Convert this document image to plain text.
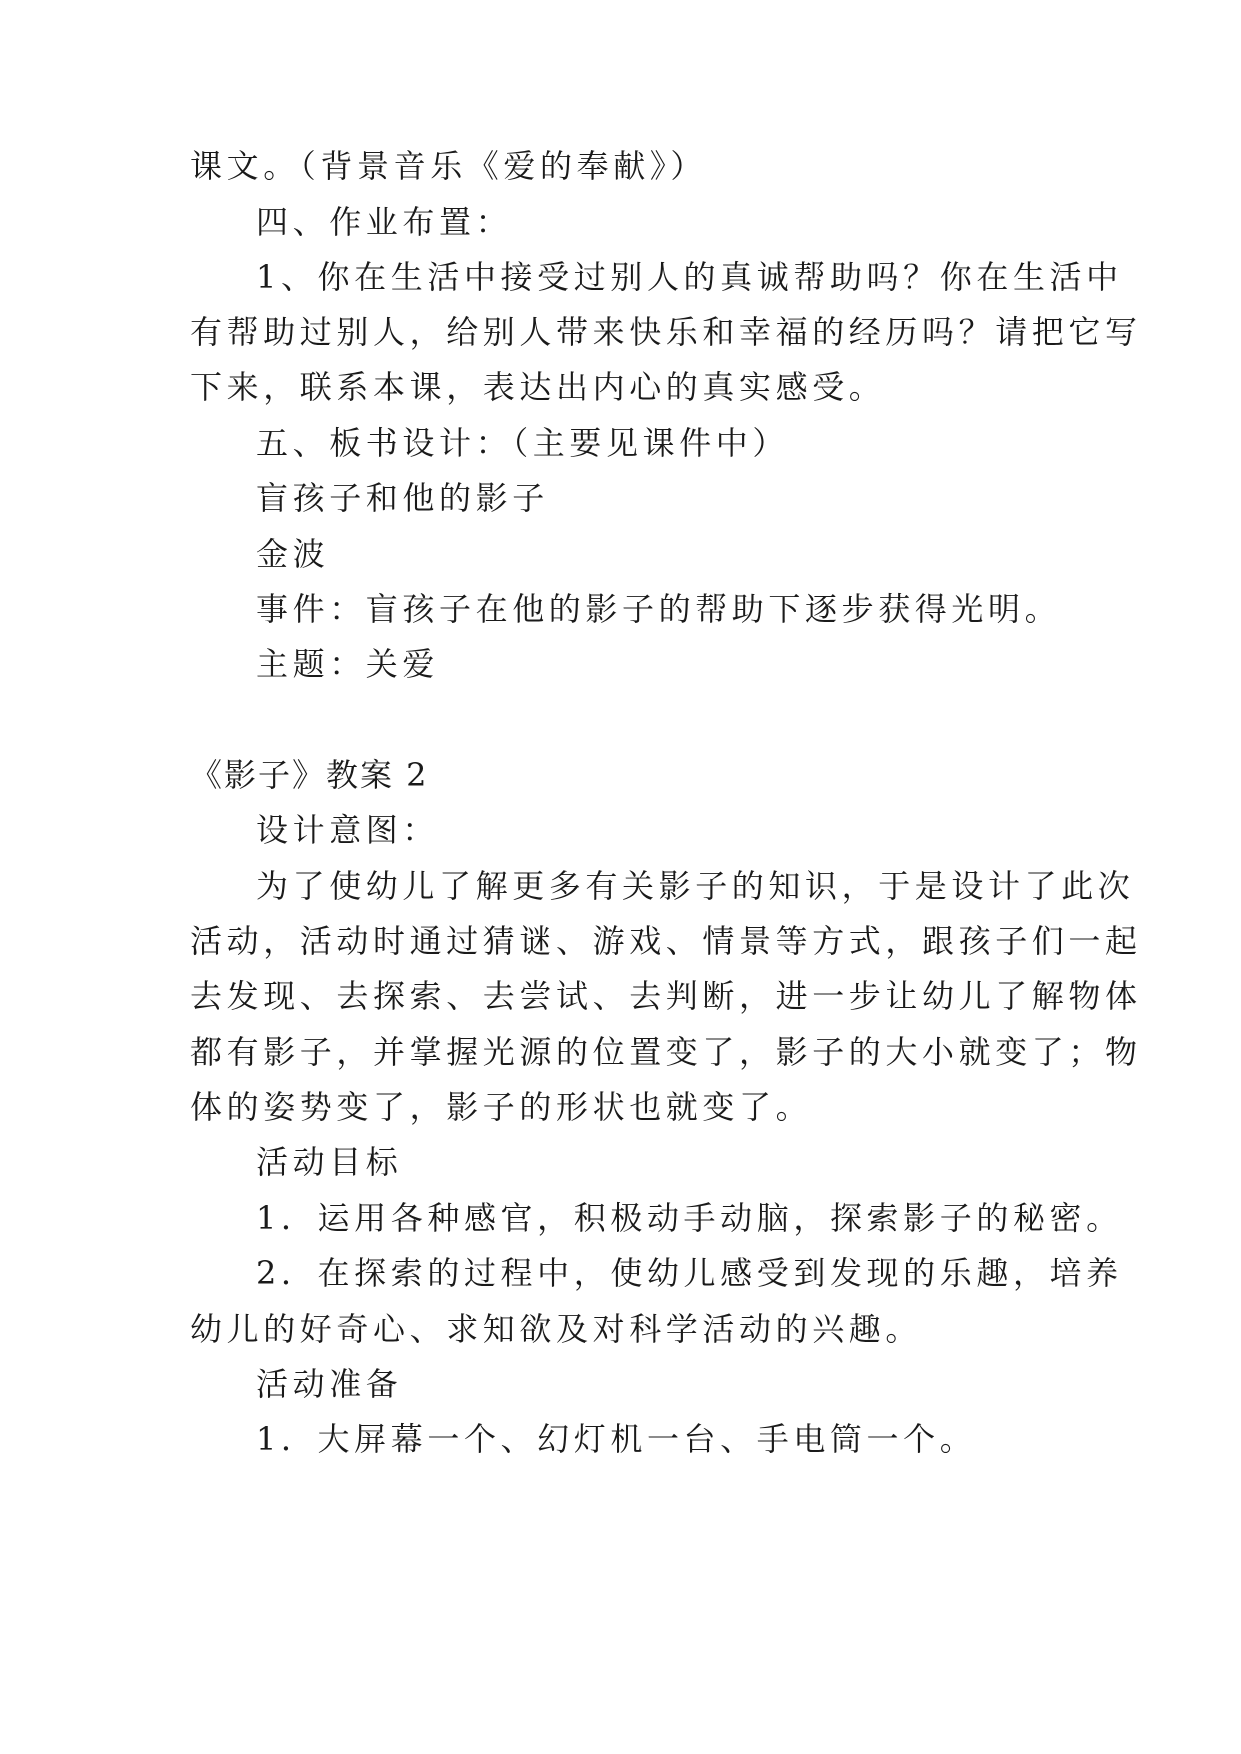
课文。（背景音乐《爱的奉献》）
四、作业布置：
1、你在生活中接受过别人的真诚帮助吗？你在生活中
有帮助过别人，给别人带来快乐和幸福的经历吗？请把它写
下来，联系本课，表达出内心的真实感受。
五、板书设计：（主要见课件中）
盲孩子和他的影子
金波
事件：盲孩子在他的影子的帮助下逐步获得光明。
主题：关爱
《影子》教案 2
设计意图：
为了使幼儿了解更多有关影子的知识，于是设计了此次
活动，活动时通过猜谜、游戏、情景等方式，跟孩子们一起
去发现、去探索、去尝试、去判断，进一步让幼儿了解物体
都有影子，并掌握光源的位置变了，影子的大小就变了；物
体的姿势变了，影子的形状也就变了。
活动目标
1．运用各种感官，积极动手动脑，探索影子的秘密。
2．在探索的过程中，使幼儿感受到发现的乐趣，培养
幼儿的好奇心、求知欲及对科学活动的兴趣。
活动准备
1．大屏幕一个、幻灯机一台、手电筒一个。
